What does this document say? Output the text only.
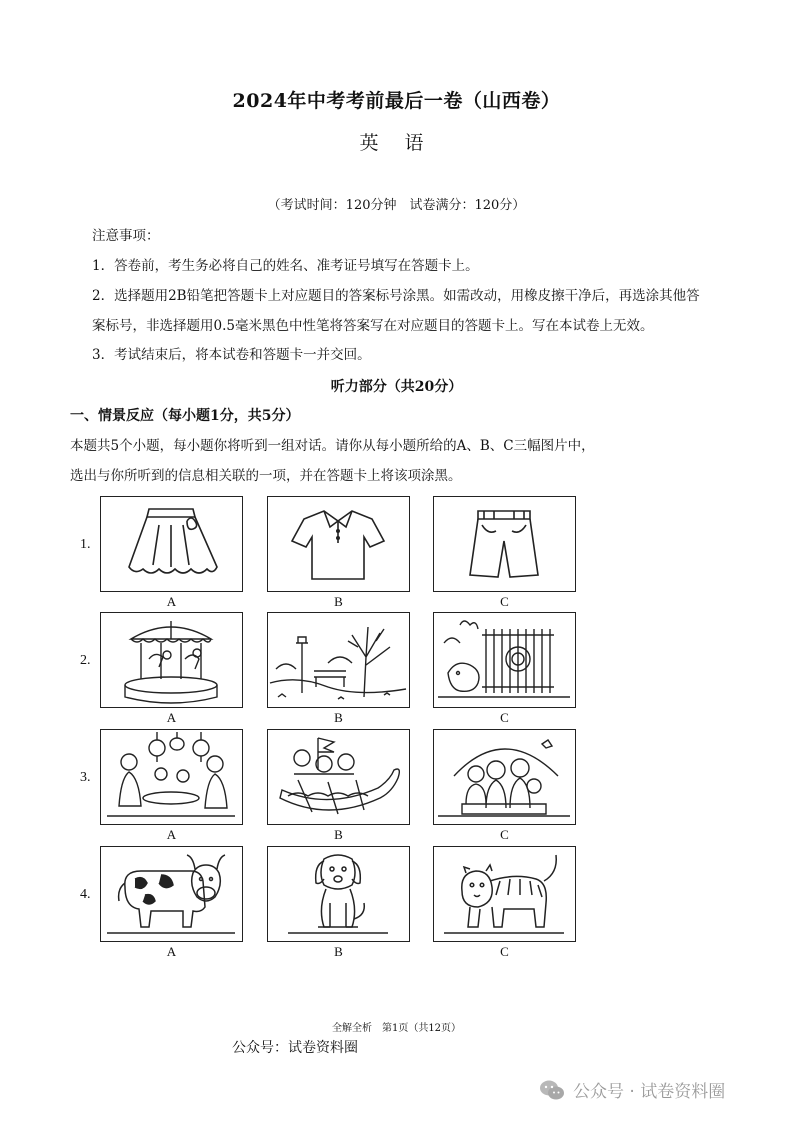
2024年中考考前最后一卷（山西卷）
英 语
（考试时间：120分钟　试卷满分：120分）
注意事项：
1．答卷前，考生务必将自己的姓名、准考证号填写在答题卡上。
2．选择题用2B铅笔把答题卡上对应题目的答案标号涂黑。如需改动，用橡皮擦干净后，再选涂其他答
案标号，非选择题用0.5毫米黑色中性笔将答案写在对应题目的答题卡上。写在本试卷上无效。
3．考试结束后，将本试卷和答题卡一并交回。
听力部分（共20分）
一、情景反应（每小题1分，共5分）
本题共5个小题，每小题你将听到一组对话。请你从每小题所给的A、B、C三幅图片中，
选出与你所听到的信息相关联的一项，并在答题卡上将该项涂黑。
1.
A	B	C
2.
A	B	C
3.
A	B	C
4.
A	B	C
全解全析　第1页（共12页）
公众号：试卷资料圈
公众号 · 试卷资料圈
